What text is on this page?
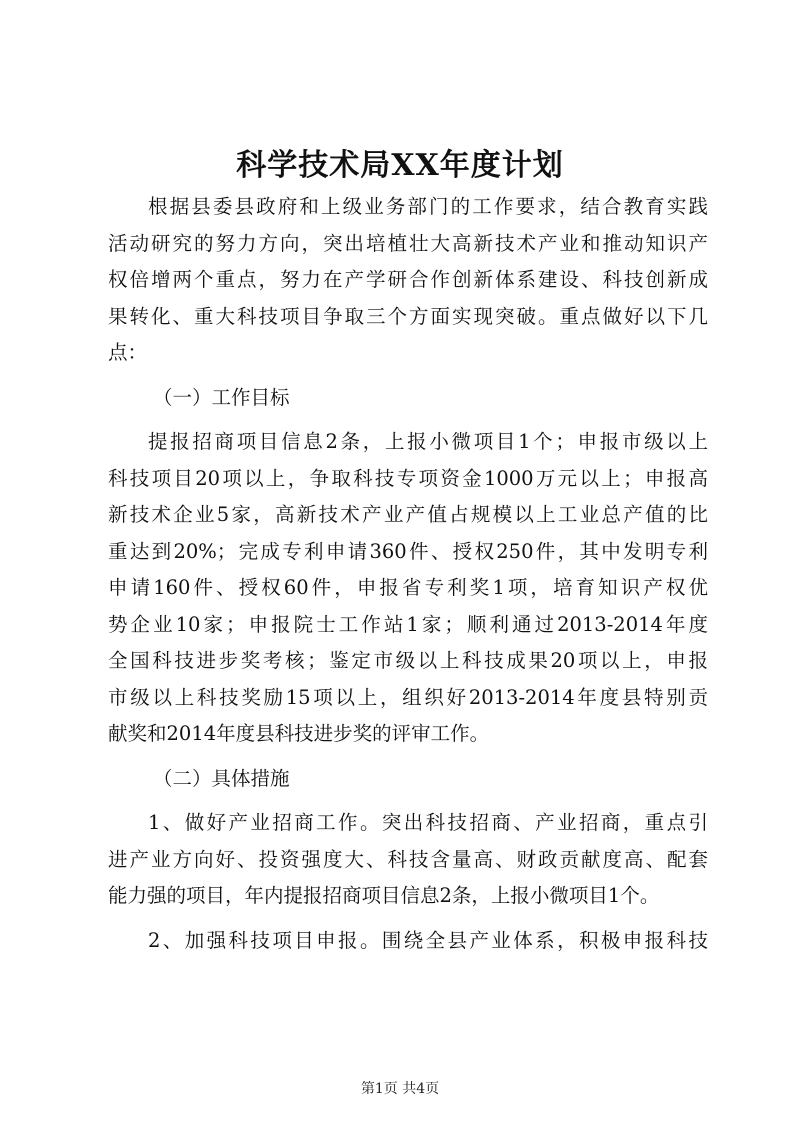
科学技术局XX年度计划
根据县委县政府和上级业务部门的工作要求，结合教育实践
活动研究的努力方向，突出培植壮大高新技术产业和推动知识产
权倍增两个重点，努力在产学研合作创新体系建设、科技创新成
果转化、重大科技项目争取三个方面实现突破。重点做好以下几
点：
（一）工作目标
提报招商项目信息2条，上报小微项目1个；申报市级以上
科技项目20项以上，争取科技专项资金1000万元以上；申报高
新技术企业5家，高新技术产业产值占规模以上工业总产值的比
重达到20%；完成专利申请360件、授权250件，其中发明专利
申请160件、授权60件，申报省专利奖1项，培育知识产权优
势企业10家；申报院士工作站1家；顺利通过2013-2014年度
全国科技进步奖考核；鉴定市级以上科技成果20项以上，申报
市级以上科技奖励15项以上，组织好2013-2014年度县特别贡
献奖和2014年度县科技进步奖的评审工作。
（二）具体措施
1、做好产业招商工作。突出科技招商、产业招商，重点引
进产业方向好、投资强度大、科技含量高、财政贡献度高、配套
能力强的项目，年内提报招商项目信息2条，上报小微项目1个。
2、加强科技项目申报。围绕全县产业体系，积极申报科技
第1页 共4页
